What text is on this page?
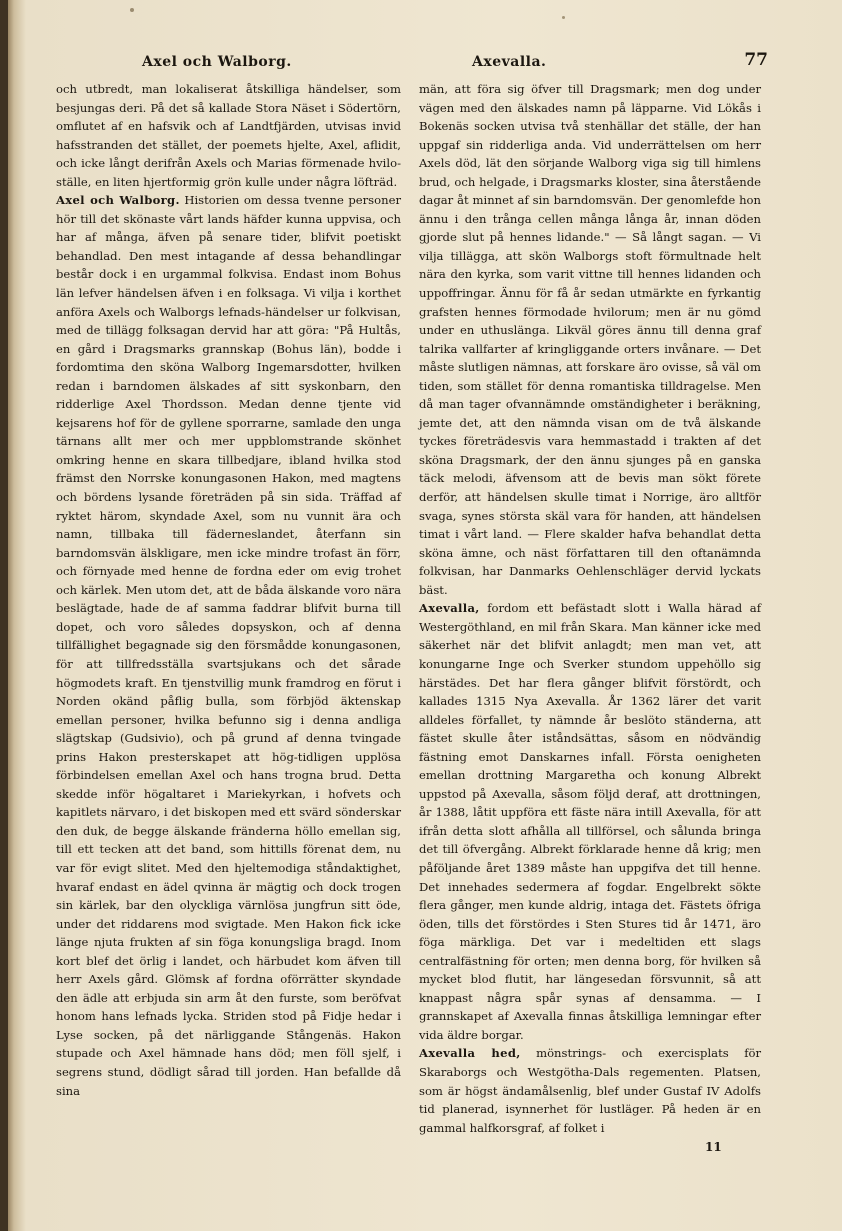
Axel och Walborg.	Axevalla.	77

och utbredt, man lokaliserat åtskilliga händelser, som besjungas deri. På det så kallade Stora Näset i Södertörn, omflutet af en hafsvik och af Landtfjärden, utvisas invid hafsstranden det stället, der poemets hjelte, Axel, aflidit, och icke långt derifrån Axels och Marias förmenade hvilo-ställe, en liten hjertformig grön kulle under några löfträd.

Axel och Walborg. Historien om dessa tvenne personer hör till det skönaste vårt lands häfder kunna uppvisa, och har af många, äfven på senare tider, blifvit poetiskt behandlad. Den mest intagande af dessa behandlingar består dock i en urgammal folkvisa. Endast inom Bohus län lefver händelsen äfven i en folksaga. Vi vilja i korthet anföra Axels och Walborgs lefnads-händelser ur folkvisan, med de tillägg folksagan dervid har att göra: "På Hultås, en gård i Dragsmarks grannskap (Bohus län), bodde i fordomtima den sköna Walborg Ingemarsdotter, hvilken redan i barndomen älskades af sitt syskonbarn, den ridderlige Axel Thordsson. Medan denne tjente vid kejsarens hof för de gyllene sporrarne, samlade den unga tärnans allt mer och mer uppblomstrande skönhet omkring henne en skara tillbedjare, ibland hvilka stod främst den Norrske konungasonen Hakon, med magtens och bördens lysande företräden på sin sida. Träffad af ryktet härom, skyndade Axel, som nu vunnit ära och namn, tillbaka till fäderneslandet, återfann sin barndomsvän älskligare, men icke mindre trofast än förr, och förnyade med henne de fordna eder om evig trohet och kärlek. Men utom det, att de båda älskande voro nära beslägtade, hade de af samma faddrar blifvit burna till dopet, och voro således dopsyskon, och af denna tillfällighet begagnade sig den försmådde konungasonen, för att tillfredsställa svartsjukans och det sårade högmodets kraft. En tjenstvillig munk framdrog en förut i Norden okänd påflig bulla, som förbjöd äktenskap emellan personer, hvilka befunno sig i denna andliga slägtskap (Gudsivio), och på grund af denna tvingade prins Hakon presterskapet att hög-tidligen upplösa förbindelsen emellan Axel och hans trogna brud. Detta skedde inför högaltaret i Mariekyrkan, i hofvets och kapitlets närvaro, i det biskopen med ett svärd sönderskar den duk, de begge älskande fränderna höllo emellan sig, till ett tecken att det band, som hittills förenat dem, nu var för evigt slitet. Med den hjeltemodiga ståndaktighet, hvaraf endast en ädel qvinna är mägtig och dock trogen sin kärlek, bar den olyckliga värnlösa jungfrun sitt öde, under det riddarens mod svigtade. Men Hakon fick icke länge njuta frukten af sin föga konungsliga bragd. Inom kort blef det örlig i landet, och härbudet kom äfven till herr Axels gård. Glömsk af fordna oförrätter skyndade den ädle att erbjuda sin arm åt den furste, som beröfvat honom hans lefnads lycka. Striden stod på Fidje hedar i Lyse socken, på det närliggande Stångenäs. Hakon stupade och Axel hämnade hans död; men föll sjelf, i segrens stund, dödligt sårad till jorden. Han befallde då sina

män, att föra sig öfver till Dragsmark; men dog under vägen med den älskades namn på läpparne. Vid Lökås i Bokenäs socken utvisa två stenhällar det ställe, der han uppgaf sin ridderliga anda. Vid underrättelsen om herr Axels död, lät den sörjande Walborg viga sig till himlens brud, och helgade, i Dragsmarks kloster, sina återstående dagar åt minnet af sin barndomsvän. Der genomlefde hon ännu i den trånga cellen många långa år, innan döden gjorde slut på hennes lidande." — Så långt sagan. — Vi vilja tillägga, att skön Walborgs stoft förmultnade helt nära den kyrka, som varit vittne till hennes lidanden och uppoffringar. Ännu för få år sedan utmärkte en fyrkantig grafsten hennes förmodade hvilorum; men är nu gömd under en uthuslänga. Likväl göres ännu till denna graf talrika vallfarter af kringliggande orters invånare. — Det måste slutligen nämnas, att forskare äro ovisse, så väl om tiden, som stället för denna romantiska tilldragelse. Men då man tager ofvannämnde omständigheter i beräkning, jemte det, att den nämnda visan om de två älskande tyckes företrädesvis vara hemmastadd i trakten af det sköna Dragsmark, der den ännu sjunges på en ganska täck melodi, äfvensom att de bevis man sökt förete derför, att händelsen skulle timat i Norrige, äro alltför svaga, synes största skäl vara för handen, att händelsen timat i vårt land. — Flere skalder hafva behandlat detta sköna ämne, och näst författaren till den oftanämnda folkvisan, har Danmarks Oehlenschläger dervid lyckats bäst.

Axevalla, fordom ett befästadt slott i Walla härad af Westergöthland, en mil från Skara. Man känner icke med säkerhet när det blifvit anlagdt; men man vet, att konungarne Inge och Sverker stundom uppehöllo sig härstädes. Det har flera gånger blifvit förstördt, och kallades 1315 Nya Axevalla. År 1362 lärer det varit alldeles förfallet, ty nämnde år beslöto ständerna, att fästet skulle åter iståndsättas, såsom en nödvändig fästning emot Danskarnes infall. Första oenigheten emellan drottning Margaretha och konung Albrekt uppstod på Axevalla, såsom följd deraf, att drottningen, år 1388, låtit uppföra ett fäste nära intill Axevalla, för att ifrån detta slott afhålla all tillförsel, och sålunda bringa det till öfvergång. Albrekt förklarade henne då krig; men påföljande året 1389 måste han uppgifva det till henne. Det innehades sedermera af fogdar. Engelbrekt sökte flera gånger, men kunde aldrig, intaga det. Fästets öfriga öden, tills det förstördes i Sten Stures tid år 1471, äro föga märkliga. Det var i medeltiden ett slags centralfästning för orten; men denna borg, för hvilken så mycket blod flutit, har längesedan försvunnit, så att knappast några spår synas af densamma. — I grannskapet af Axevalla finnas åtskilliga lemningar efter vida äldre borgar.

Axevalla hed, mönstrings- och exercisplats för Skaraborgs och Westgötha-Dals regementen. Platsen, som är högst ändamålsenlig, blef under Gustaf IV Adolfs tid planerad, isynnerhet för lustläger. På heden är en gammal halfkorsgraf, af folket i

11
